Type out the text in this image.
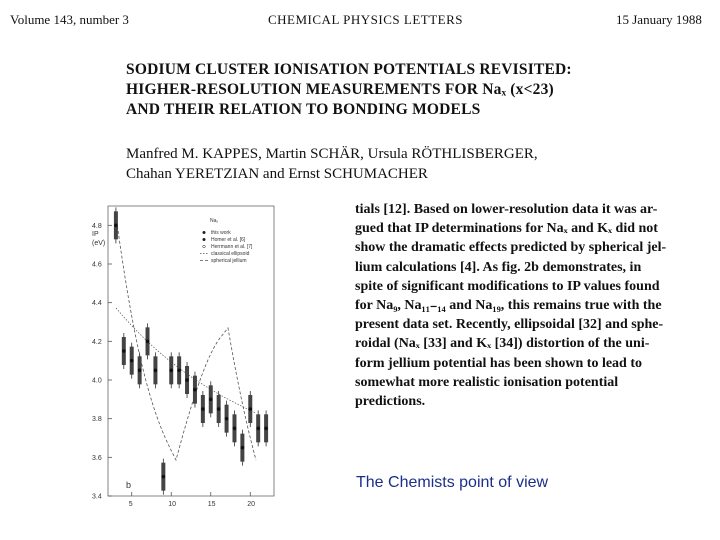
Volume 143, number 3	CHEMICAL PHYSICS LETTERS	15 January 1988
SODIUM CLUSTER IONISATION POTENTIALS REVISITED:
HIGHER-RESOLUTION MEASUREMENTS FOR Naₓ (x<23)
AND THEIR RELATION TO BONDING MODELS
Manfred M. KAPPES, Martin SCHÄR, Ursula RÖTHLISBERGER,
Chahan YERETZIAN and Ernst SCHUMACHER
IP
(eV)
Naₓ
this work
Homer et al. [6]
Herrmann et al. [7]
classical ellipsoid
spherical jellium
4.8
4.6
4.4
4.2
4.0
3.8
3.6
3.4
5	10	15	20
b

tials [12]. Based on lower-resolution data it was ar-

gued that IP determinations for Naₓ and Kₓ did not

show the dramatic effects predicted by spherical jel-

lium calculations [4]. As fig. 2b demonstrates, in

spite of significant modifications to IP values found

for Na₉, Na₁₁₋₁₄ and Na₁₉, this remains true with the

present data set. Recently, ellipsoidal [32] and sphe-

roidal (Naₓ [33] and Kₓ [34]) distortion of the uni-

form jellium potential has been shown to lead to

somewhat more realistic ionisation potential

predictions.

The Chemists point of view
